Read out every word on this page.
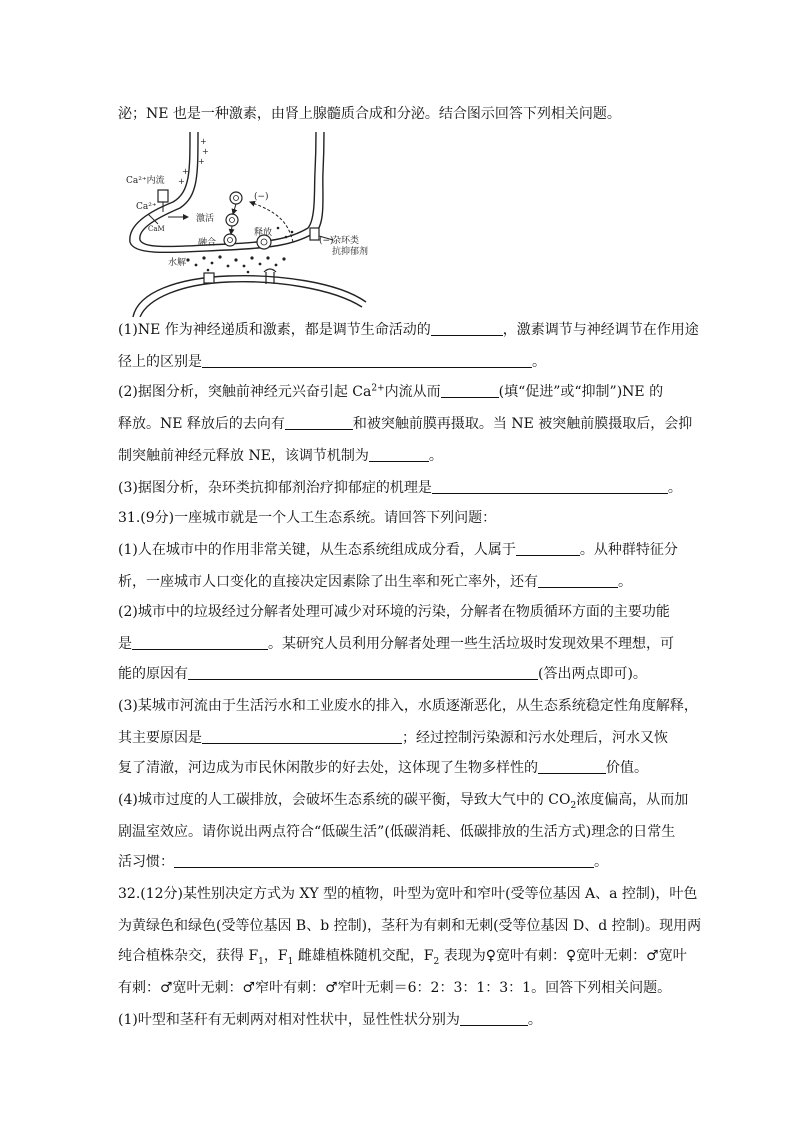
泌；NE 也是一种激素，由肾上腺髓质合成和分泌。结合图示回答下列相关问题。
+
+
+
+
+
Ca²⁺内流
Ca²⁺
CaM
激活
融合
释放
水解
(−)
(−)
杂环类
抗抑郁剂
(1)NE 作为神经递质和激素，都是调节生命活动的	，激素调节与神经调节在作用途
径上的区别是	。
(2)据图分析，突触前神经元兴奋引起 $Ca^{2+}$内流从而	(填“促进”或“抑制”)NE 的
释放。NE 释放后的去向有	和被突触前膜再摄取。当 NE 被突触前膜摄取后，会抑
制突触前神经元释放 NE，该调节机制为	。
(3)据图分析，杂环类抗抑郁剂治疗抑郁症的机理是	。
31.(9分)一座城市就是一个人工生态系统。请回答下列问题：
(1)人在城市中的作用非常关键，从生态系统组成成分看，人属于	。从种群特征分
析，一座城市人口变化的直接决定因素除了出生率和死亡率外，还有	。
(2)城市中的垃圾经过分解者处理可减少对环境的污染，分解者在物质循环方面的主要功能
是	。某研究人员利用分解者处理一些生活垃圾时发现效果不理想，可
能的原因有	(答出两点即可)。
(3)某城市河流由于生活污水和工业废水的排入，水质逐渐恶化，从生态系统稳定性角度解释，
其主要原因是	；经过控制污染源和污水处理后，河水又恢
复了清澈，河边成为市民休闲散步的好去处，这体现了生物多样性的	价值。
(4)城市过度的人工碳排放，会破坏生态系统的碳平衡，导致大气中的 $CO_2$浓度偏高，从而加
剧温室效应。请你说出两点符合“低碳生活”(低碳消耗、低碳排放的生活方式)理念的日常生
活习惯：	。
32.(12分)某性别决定方式为 XY 型的植物，叶型为宽叶和窄叶(受等位基因 A、a 控制)，叶色
为黄绿色和绿色(受等位基因 B、b 控制)，茎秆为有刺和无刺(受等位基因 D、d 控制)。现用两
纯合植株杂交，获得 $F_1$，$F_1$ 雌雄植株随机交配，$F_2$ 表现为♀宽叶有刺：♀宽叶无刺：♂宽叶
有刺：♂宽叶无刺：♂窄叶有刺：♂窄叶无刺＝6：2：3：1：3：1。回答下列相关问题。
(1)叶型和茎秆有无刺两对相对性状中，显性性状分别为	。
